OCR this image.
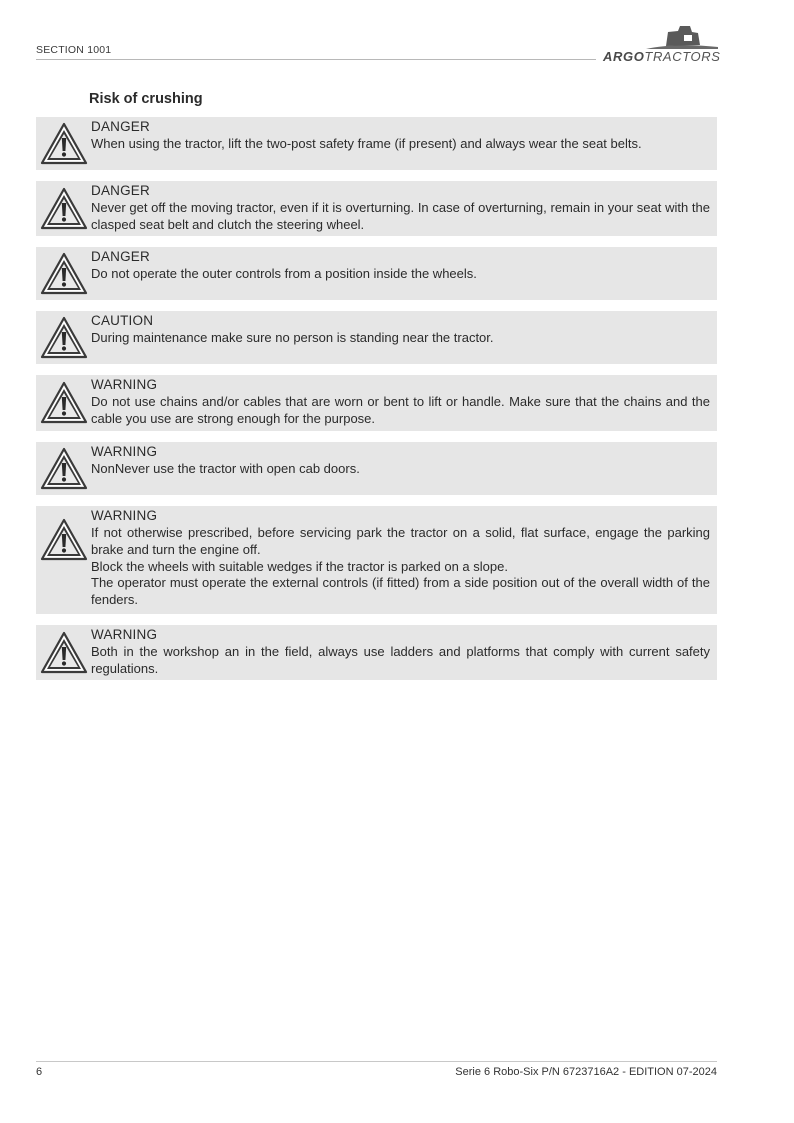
SECTION 1001	ARGOTRACTORS
Risk of crushing
DANGER

When using the tractor, lift the two-post safety frame (if present) and always wear the seat belts.

DANGER

Never get off the moving tractor, even if it is overturning. In case of overturning, remain in your seat with the clasped seat belt and clutch the steering wheel.

DANGER

Do not operate the outer controls from a position inside the wheels.

CAUTION

During maintenance make sure no person is standing near the tractor.

WARNING

Do not use chains and/or cables that are worn or bent to lift or handle. Make sure that the chains and the cable you use are strong enough for the purpose.

WARNING

NonNever use the tractor with open cab doors.

WARNING

If not otherwise prescribed, before servicing park the tractor on a solid, flat surface, engage the parking brake and turn the engine off.

Block the wheels with suitable wedges if the tractor is parked on a slope.

The operator must operate the external controls (if fitted) from a side position out of the overall width of the fenders.

WARNING

Both in the workshop an in the field, always use ladders and platforms that comply with current safety regulations.

6	Serie 6 Robo-Six P/N 6723716A2 - EDITION 07-2024
